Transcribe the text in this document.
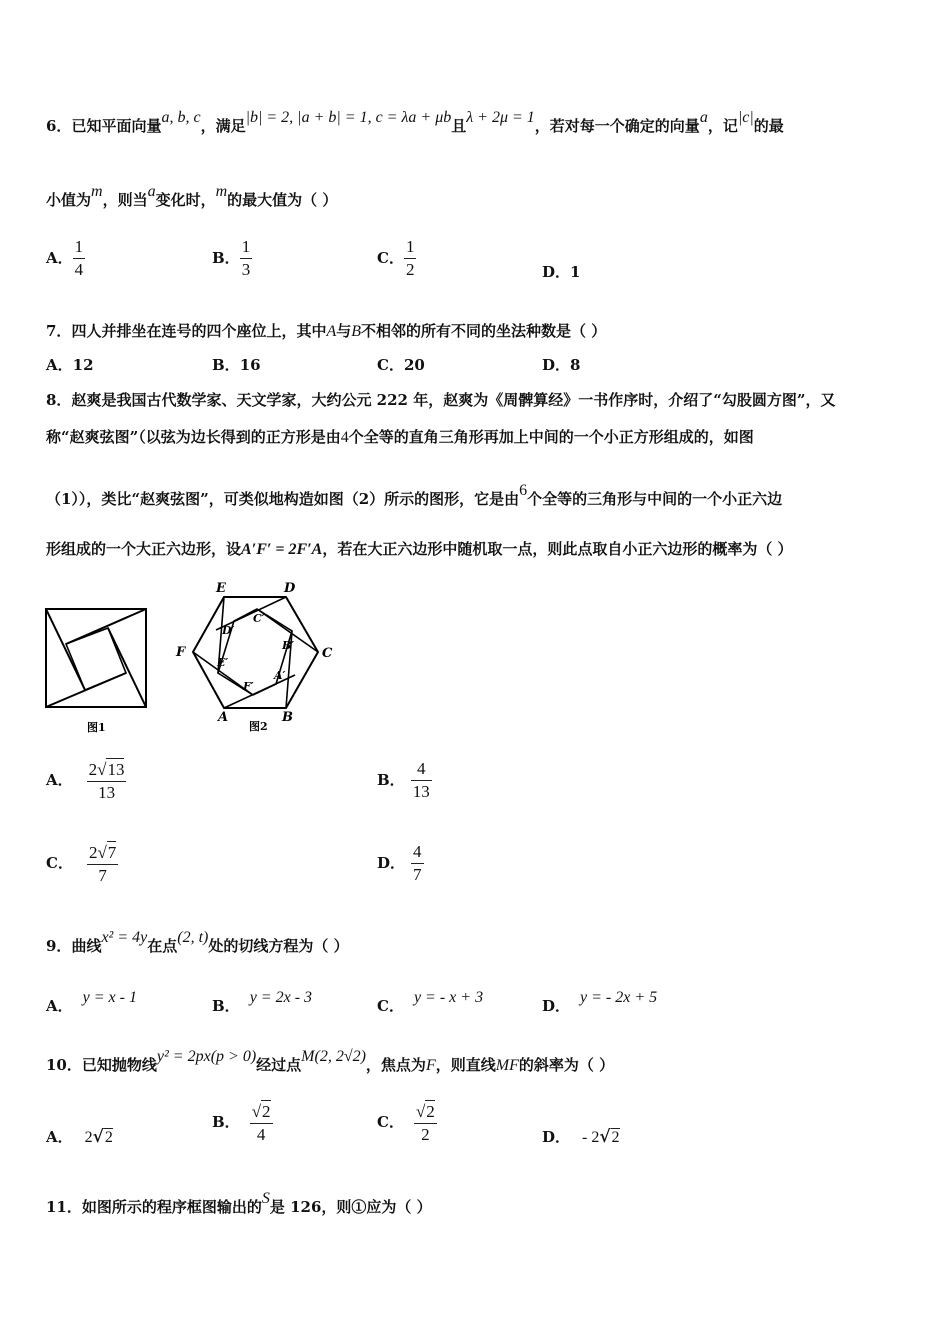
6．已知平面向量a, b, c，满足|b| = 2, |a + b| = 1, c = λa + μb且λ + 2μ = 1，若对每一个确定的向量a，记|c|的最
小值为m，则当a变化时，m的最大值为（ ）
A． $\frac{1}{4}$	B． $\frac{1}{3}$	C． $\frac{1}{2}$	D．1
7．四人并排坐在连号的四个座位上，其中A与B不相邻的所有不同的坐法种数是（ ）
A．12	B．16	C．20	D．8
8．赵爽是我国古代数学家、天文学家，大约公元 222 年，赵爽为《周髀算经》一书作序时，介绍了“勾股圆方图”，又
称“赵爽弦图”（以弦为边长得到的正方形是由4个全等的直角三角形再加上中间的一个小正方形组成的，如图
（1）），类比“赵爽弦图”，可类似地构造如图（2）所示的图形，它是由6个全等的三角形与中间的一个小正六边
形组成的一个大正六边形，设A′F′ = 2F′A，若在大正六边形中随机取一点，则此点取自小正六边形的概率为（ ）
图1
A	B
C
D
E
F
A′
B′
C′
D′
E′
F′
图2
A． $\frac{2√13}{13}$	B． $\frac{4}{13}$
C． $\frac{2√7}{7}$	D． $\frac{4}{7}$
9．曲线x² = 4y在点(2, t)处的切线方程为（ ）
A． y = x - 1	B． y = 2x - 3	C． y = - x + 3	D． y = - 2x + 5
10．已知抛物线y² = 2px(p > 0)经过点M(2, 2√2)，焦点为F，则直线MF的斜率为（ ）
A． 2√2
B． $\frac{√2}{4}$	C． $\frac{√2}{2}$	D． - 2√2
11．如图所示的程序框图输出的S是 126，则①应为（ ）
